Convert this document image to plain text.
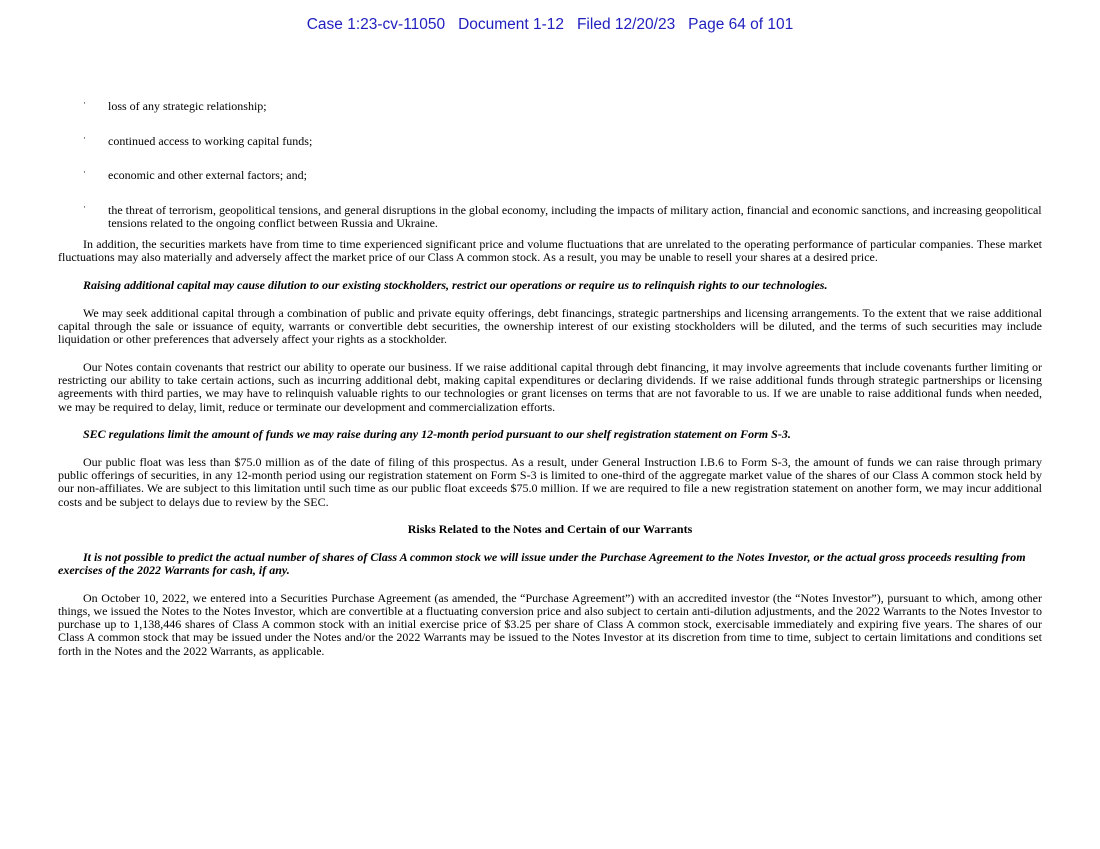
Case 1:23-cv-11050   Document 1-12   Filed 12/20/23   Page 64 of 101
· loss of any strategic relationship;
· continued access to working capital funds;
· economic and other external factors; and;
· the threat of terrorism, geopolitical tensions, and general disruptions in the global economy, including the impacts of military action, financial and economic sanctions, and increasing geopolitical tensions related to the ongoing conflict between Russia and Ukraine.

In addition, the securities markets have from time to time experienced significant price and volume fluctuations that are unrelated to the operating performance of particular companies. These market fluctuations may also materially and adversely affect the market price of our Class A common stock. As a result, you may be unable to resell your shares at a desired price.

Raising additional capital may cause dilution to our existing stockholders, restrict our operations or require us to relinquish rights to our technologies.

We may seek additional capital through a combination of public and private equity offerings, debt financings, strategic partnerships and licensing arrangements. To the extent that we raise additional capital through the sale or issuance of equity, warrants or convertible debt securities, the ownership interest of our existing stockholders will be diluted, and the terms of such securities may include liquidation or other preferences that adversely affect your rights as a stockholder.

Our Notes contain covenants that restrict our ability to operate our business. If we raise additional capital through debt financing, it may involve agreements that include covenants further limiting or restricting our ability to take certain actions, such as incurring additional debt, making capital expenditures or declaring dividends. If we raise additional funds through strategic partnerships or licensing agreements with third parties, we may have to relinquish valuable rights to our technologies or grant licenses on terms that are not favorable to us. If we are unable to raise additional funds when needed, we may be required to delay, limit, reduce or terminate our development and commercialization efforts.

SEC regulations limit the amount of funds we may raise during any 12-month period pursuant to our shelf registration statement on Form S-3.

Our public float was less than $75.0 million as of the date of filing of this prospectus. As a result, under General Instruction I.B.6 to Form S-3, the amount of funds we can raise through primary public offerings of securities, in any 12-month period using our registration statement on Form S-3 is limited to one-third of the aggregate market value of the shares of our Class A common stock held by our non-affiliates. We are subject to this limitation until such time as our public float exceeds $75.0 million. If we are required to file a new registration statement on another form, we may incur additional costs and be subject to delays due to review by the SEC.

Risks Related to the Notes and Certain of our Warrants

It is not possible to predict the actual number of shares of Class A common stock we will issue under the Purchase Agreement to the Notes Investor, or the actual gross proceeds resulting from exercises of the 2022 Warrants for cash, if any.

On October 10, 2022, we entered into a Securities Purchase Agreement (as amended, the “Purchase Agreement”) with an accredited investor (the “Notes Investor”), pursuant to which, among other things, we issued the Notes to the Notes Investor, which are convertible at a fluctuating conversion price and also subject to certain anti-dilution adjustments, and the 2022 Warrants to the Notes Investor to purchase up to 1,138,446 shares of Class A common stock with an initial exercise price of $3.25 per share of Class A common stock, exercisable immediately and expiring five years. The shares of our Class A common stock that may be issued under the Notes and/or the 2022 Warrants may be issued to the Notes Investor at its discretion from time to time, subject to certain limitations and conditions set forth in the Notes and the 2022 Warrants, as applicable.
